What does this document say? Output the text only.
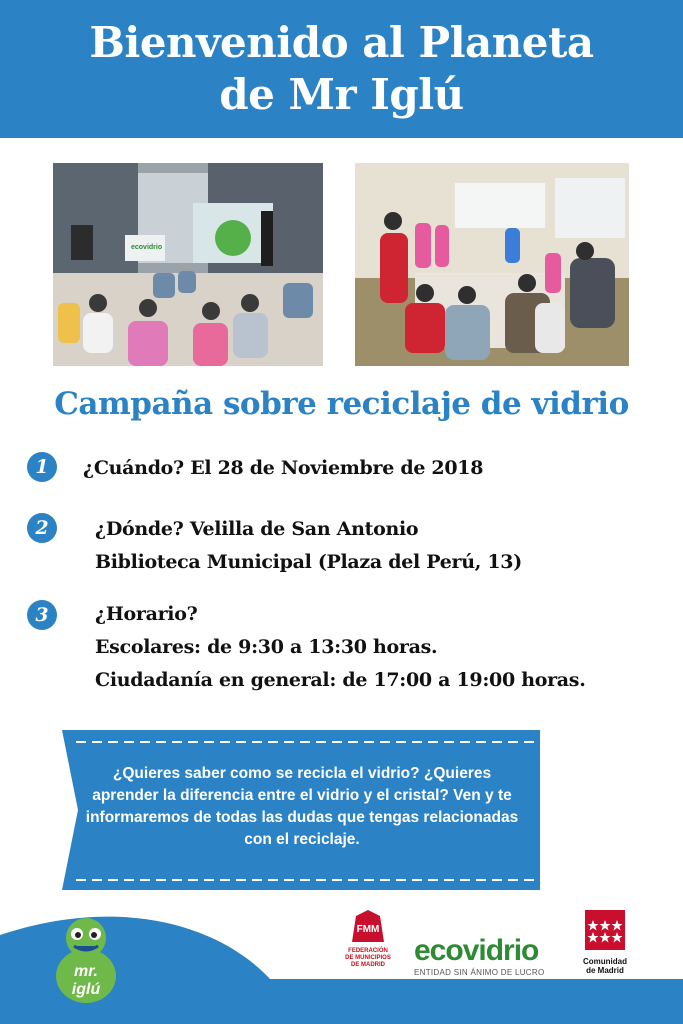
Bienvenido al Planeta
de Mr Iglú
ecovidrio
Campaña sobre reciclaje de vidrio
1	¿Cuándo? El 28 de Noviembre de 2018
2	¿Dónde? Velilla de San Antonio
Biblioteca Municipal (Plaza del Perú, 13)
3	¿Horario?
Escolares: de 9:30 a 13:30 horas.
Ciudadanía en general: de 17:00 a 19:00 horas.
¿Quieres saber como se recicla el vidrio? ¿Quieres aprender la diferencia entre el vidrio y el cristal? Ven y te informaremos de todas las dudas que tengas relacionadas con el reciclaje.
mr.
iglú
FMM
FEDERACIÓN DE MUNICIPIOS DE MADRID ecovidrio
ENTIDAD SIN ÁNIMO DE LUCRO
Comunidad
de Madrid
